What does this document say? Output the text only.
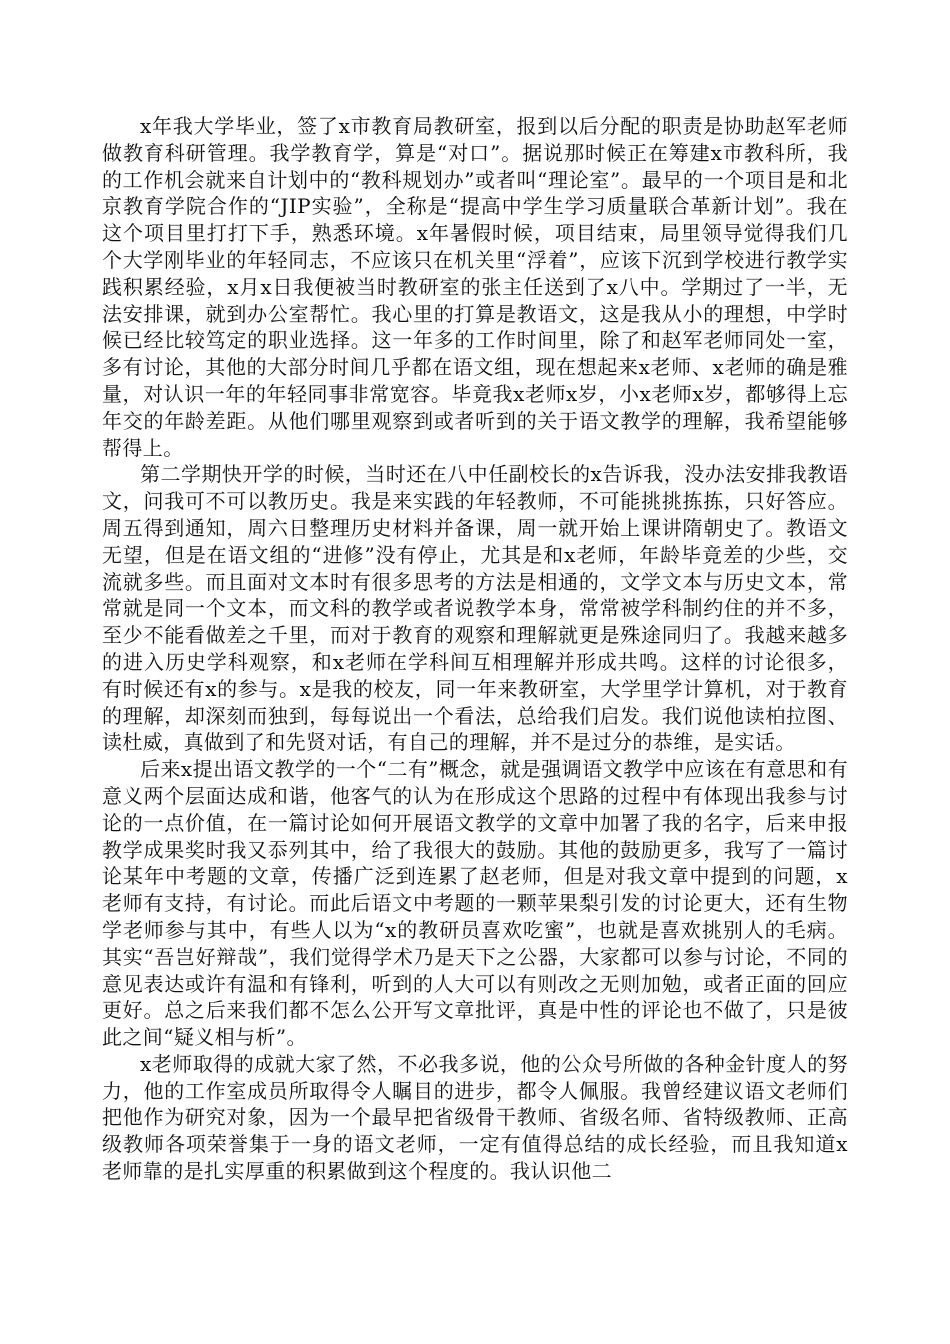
x年我大学毕业，签了x市教育局教研室，报到以后分配的职责是协助赵军老师做教育科研管理。我学教育学，算是“对口”。据说那时候正在筹建x市教科所，我的工作机会就来自计划中的“教科规划办”或者叫“理论室”。最早的一个项目是和北京教育学院合作的“JIP实验”，全称是“提高中学生学习质量联合革新计划”。我在这个项目里打打下手，熟悉环境。x年暑假时候，项目结束，局里领导觉得我们几个大学刚毕业的年轻同志，不应该只在机关里“浮着”，应该下沉到学校进行教学实践积累经验，x月x日我便被当时教研室的张主任送到了x八中。学期过了一半，无法安排课，就到办公室帮忙。我心里的打算是教语文，这是我从小的理想，中学时候已经比较笃定的职业选择。这一年多的工作时间里，除了和赵军老师同处一室，多有讨论，其他的大部分时间几乎都在语文组，现在想起来x老师、x老师的确是雅量，对认识一年的年轻同事非常宽容。毕竟我x老师x岁，小x老师x岁，都够得上忘年交的年龄差距。从他们哪里观察到或者听到的关于语文教学的理解，我希望能够帮得上。

第二学期快开学的时候，当时还在八中任副校长的x告诉我，没办法安排我教语文，问我可不可以教历史。我是来实践的年轻教师，不可能挑挑拣拣，只好答应。周五得到通知，周六日整理历史材料并备课，周一就开始上课讲隋朝史了。教语文无望，但是在语文组的“进修”没有停止，尤其是和x老师，年龄毕竟差的少些，交流就多些。而且面对文本时有很多思考的方法是相通的，文学文本与历史文本，常常就是同一个文本，而文科的教学或者说教学本身，常常被学科制约住的并不多，至少不能看做差之千里，而对于教育的观察和理解就更是殊途同归了。我越来越多的进入历史学科观察，和x老师在学科间互相理解并形成共鸣。这样的讨论很多，有时候还有x的参与。x是我的校友，同一年来教研室，大学里学计算机，对于教育的理解，却深刻而独到，每每说出一个看法，总给我们启发。我们说他读柏拉图、读杜威，真做到了和先贤对话，有自己的理解，并不是过分的恭维，是实话。

后来x提出语文教学的一个“二有”概念，就是强调语文教学中应该在有意思和有意义两个层面达成和谐，他客气的认为在形成这个思路的过程中有体现出我参与讨论的一点价值，在一篇讨论如何开展语文教学的文章中加署了我的名字，后来申报教学成果奖时我又忝列其中，给了我很大的鼓励。其他的鼓励更多，我写了一篇讨论某年中考题的文章，传播广泛到连累了赵老师，但是对我文章中提到的问题，x老师有支持，有讨论。而此后语文中考题的一颗苹果梨引发的讨论更大，还有生物学老师参与其中，有些人以为“x的教研员喜欢吃蜜”，也就是喜欢挑别人的毛病。其实“吾岂好辩哉”，我们觉得学术乃是天下之公器，大家都可以参与讨论，不同的意见表达或许有温和有锋利，听到的人大可以有则改之无则加勉，或者正面的回应更好。总之后来我们都不怎么公开写文章批评，真是中性的评论也不做了，只是彼此之间“疑义相与析”。

x老师取得的成就大家了然，不必我多说，他的公众号所做的各种金针度人的努力，他的工作室成员所取得令人瞩目的进步，都令人佩服。我曾经建议语文老师们把他作为研究对象，因为一个最早把省级骨干教师、省级名师、省特级教师、正高级教师各项荣誉集于一身的语文老师，一定有值得总结的成长经验，而且我知道x老师靠的是扎实厚重的积累做到这个程度的。我认识他二
